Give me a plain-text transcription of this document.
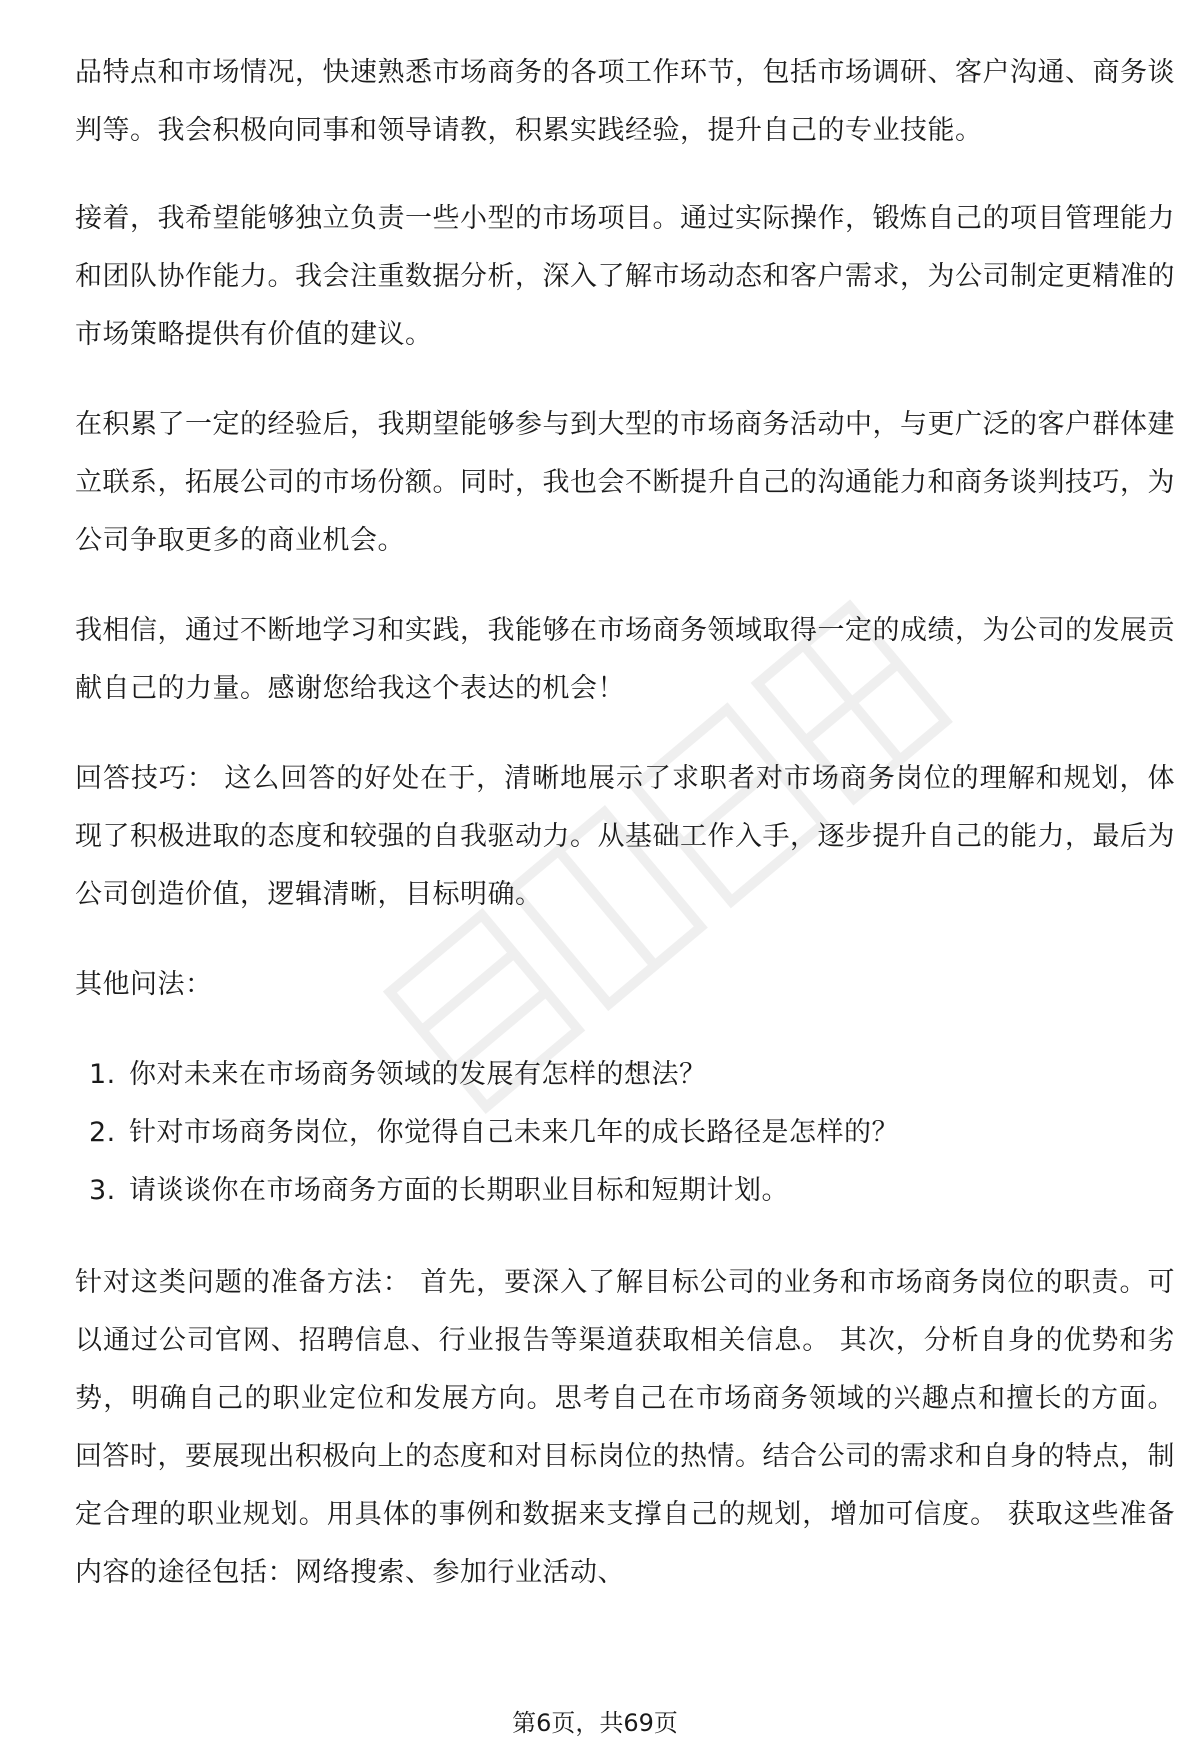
品特点和市场情况，快速熟悉市场商务的各项工作环节，包括市场调研、客户沟通、商务谈判等。我会积极向同事和领导请教，积累实践经验，提升自己的专业技能。

接着，我希望能够独立负责一些小型的市场项目。通过实际操作，锻炼自己的项目管理能力和团队协作能力。我会注重数据分析，深入了解市场动态和客户需求，为公司制定更精准的市场策略提供有价值的建议。

在积累了一定的经验后，我期望能够参与到大型的市场商务活动中，与更广泛的客户群体建立联系，拓展公司的市场份额。同时，我也会不断提升自己的沟通能力和商务谈判技巧，为公司争取更多的商业机会。

我相信，通过不断地学习和实践，我能够在市场商务领域取得一定的成绩，为公司的发展贡献自己的力量。感谢您给我这个表达的机会！

回答技巧： 这么回答的好处在于，清晰地展示了求职者对市场商务岗位的理解和规划，体现了积极进取的态度和较强的自我驱动力。从基础工作入手，逐步提升自己的能力，最后为公司创造价值，逻辑清晰，目标明确。

其他问法：

1. 你对未来在市场商务领域的发展有怎样的想法？
2. 针对市场商务岗位，你觉得自己未来几年的成长路径是怎样的？
3. 请谈谈你在市场商务方面的长期职业目标和短期计划。

针对这类问题的准备方法： 首先，要深入了解目标公司的业务和市场商务岗位的职责。可以通过公司官网、招聘信息、行业报告等渠道获取相关信息。 其次，分析自身的优势和劣势，明确自己的职业定位和发展方向。思考自己在市场商务领域的兴趣点和擅长的方面。 回答时，要展现出积极向上的态度和对目标岗位的热情。结合公司的需求和自身的特点，制定合理的职业规划。用具体的事例和数据来支撑自己的规划，增加可信度。 获取这些准备内容的途径包括：网络搜索、参加行业活动、

第6页，共69页
